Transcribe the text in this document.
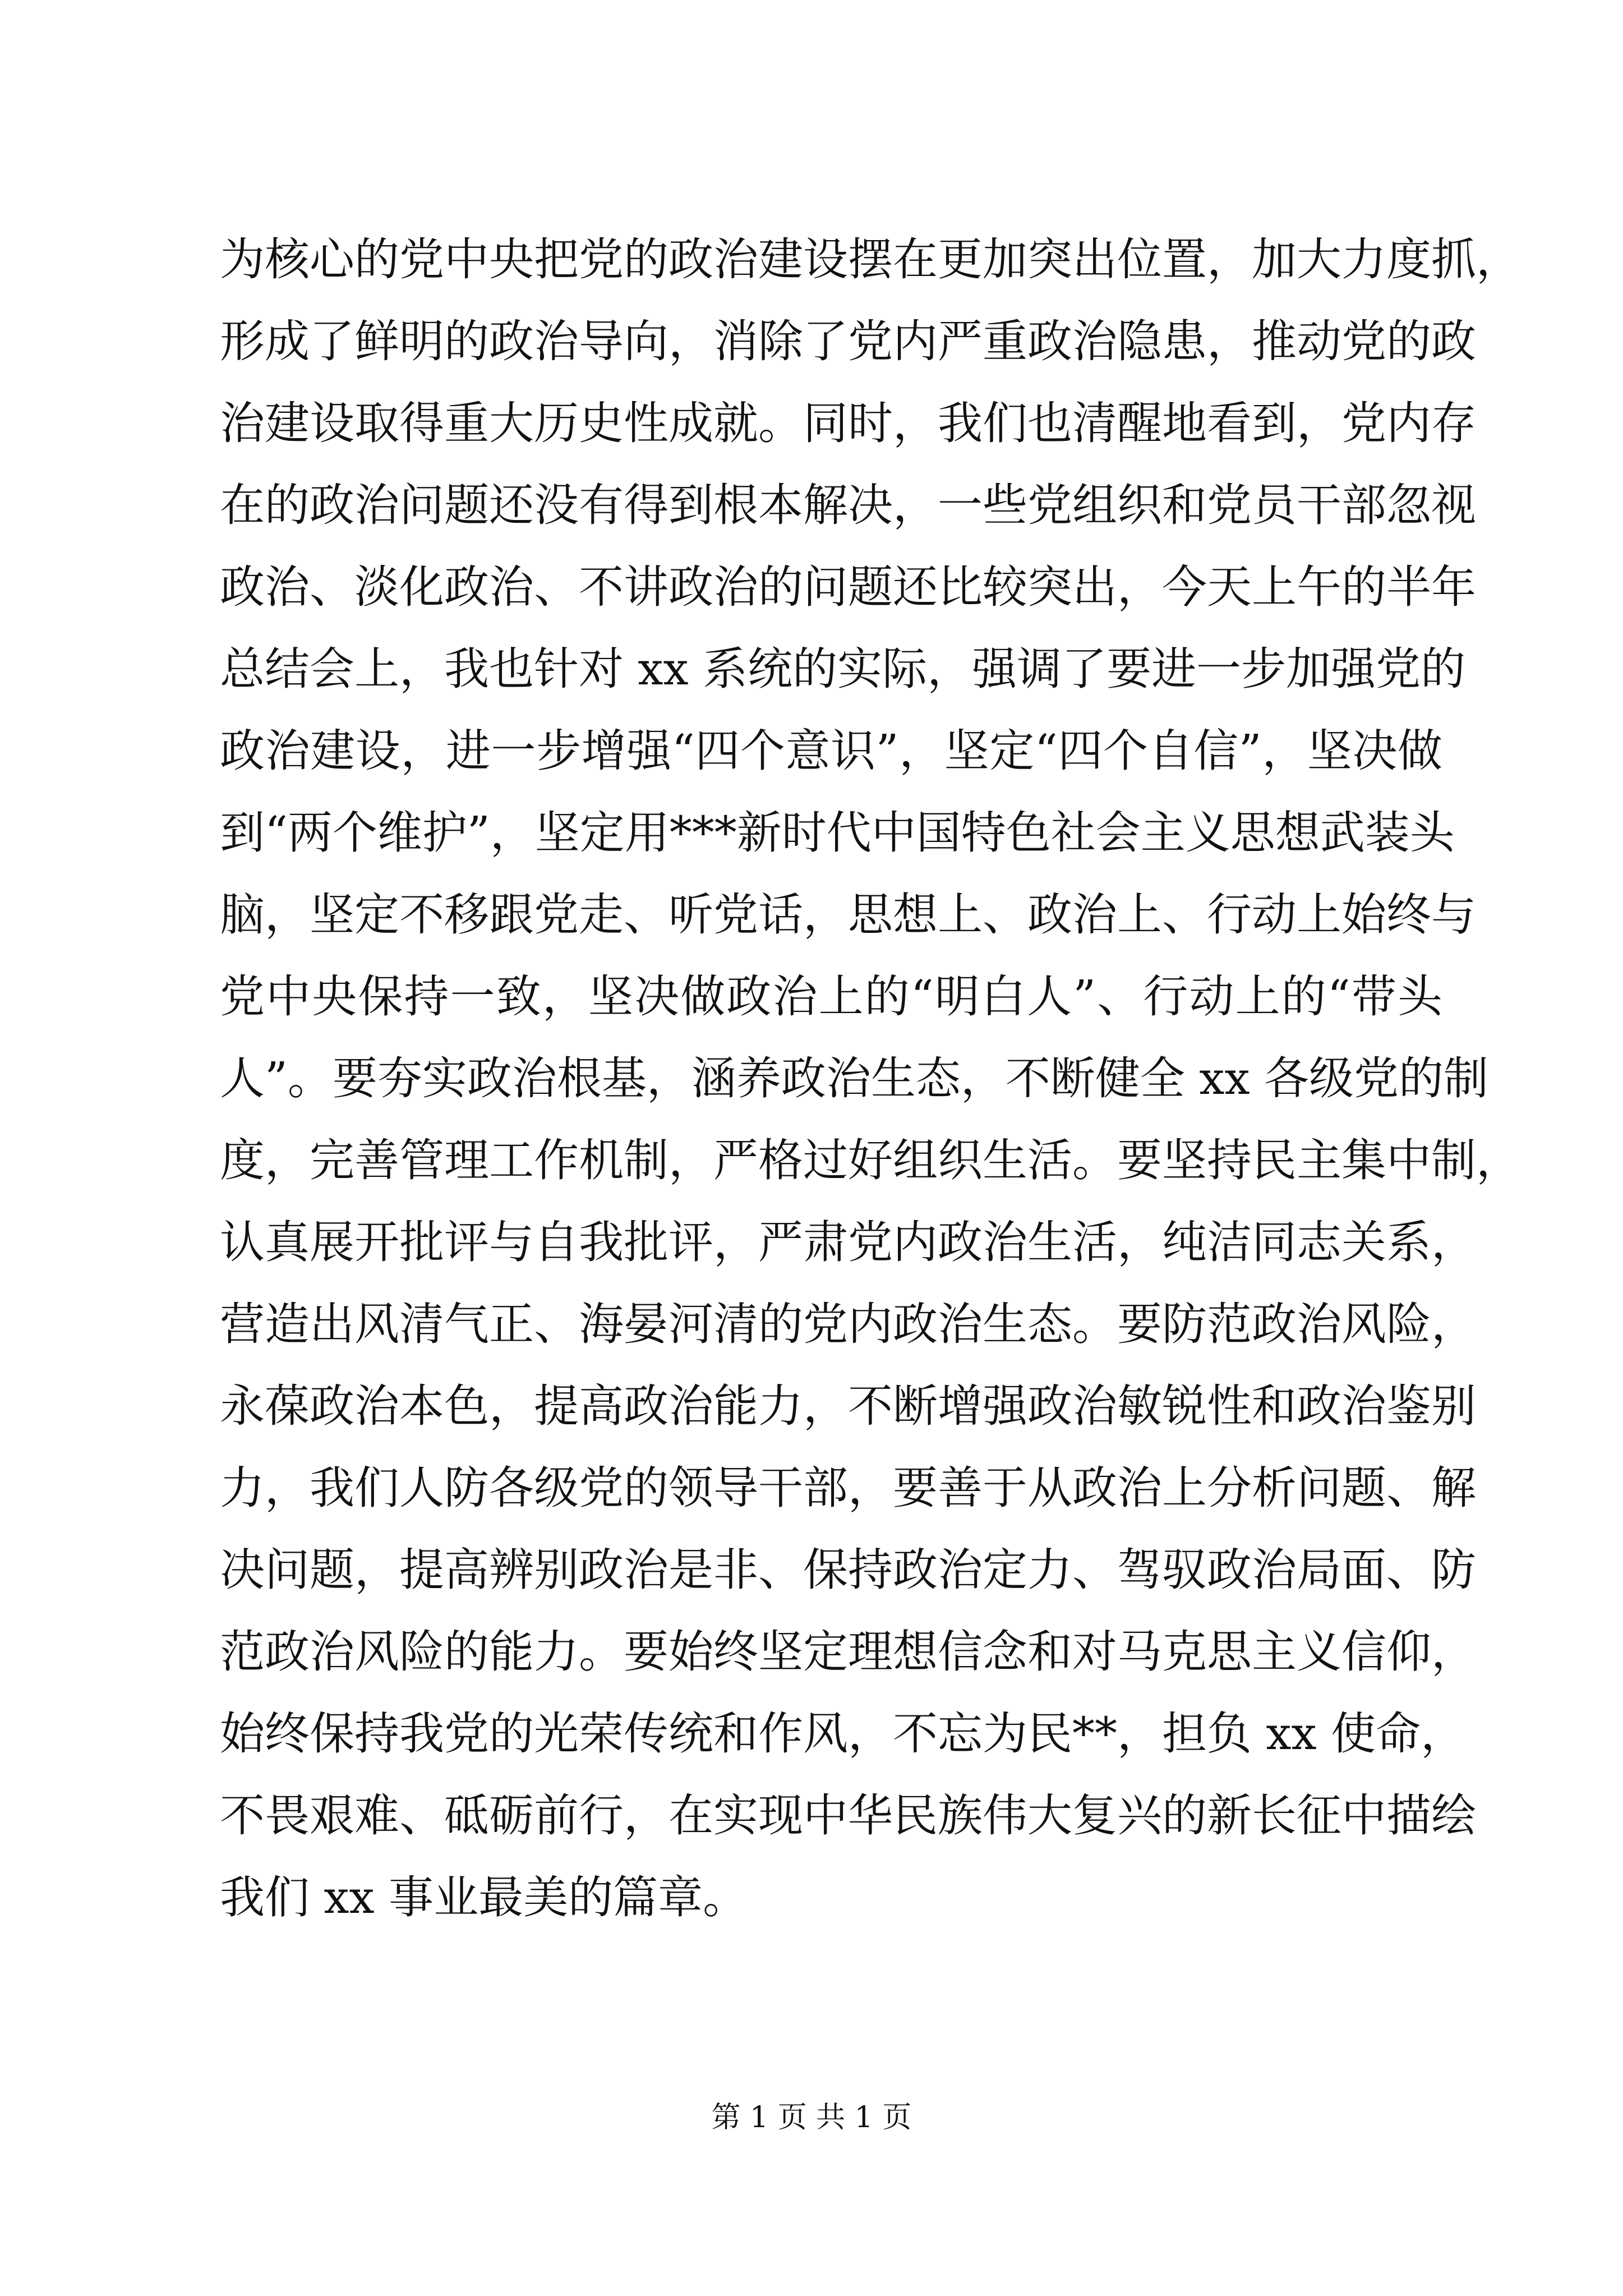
为核心的党中央把党的政治建设摆在更加突出位置，加大力度抓，
形成了鲜明的政治导向，消除了党内严重政治隐患，推动党的政
治建设取得重大历史性成就。同时，我们也清醒地看到，党内存
在的政治问题还没有得到根本解决，一些党组织和党员干部忽视
政治、淡化政治、不讲政治的问题还比较突出，今天上午的半年
总结会上，我也针对 xx 系统的实际，强调了要进一步加强党的
政治建设，进一步增强“四个意识”，坚定“四个自信”，坚决做
到“两个维护”，坚定用***新时代中国特色社会主义思想武装头
脑，坚定不移跟党走、听党话，思想上、政治上、行动上始终与
党中央保持一致，坚决做政治上的“明白人”、行动上的“带头
人”。要夯实政治根基，涵养政治生态，不断健全 xx 各级党的制
度，完善管理工作机制，严格过好组织生活。要坚持民主集中制，
认真展开批评与自我批评，严肃党内政治生活，纯洁同志关系，
营造出风清气正、海晏河清的党内政治生态。要防范政治风险，
永葆政治本色，提高政治能力，不断增强政治敏锐性和政治鉴别
力，我们人防各级党的领导干部，要善于从政治上分析问题、解
决问题，提高辨别政治是非、保持政治定力、驾驭政治局面、防
范政治风险的能力。要始终坚定理想信念和对马克思主义信仰，
始终保持我党的光荣传统和作风，不忘为民**，担负 xx 使命，
不畏艰难、砥砺前行，在实现中华民族伟大复兴的新长征中描绘
我们 xx 事业最美的篇章。
第 1 页 共 1 页
